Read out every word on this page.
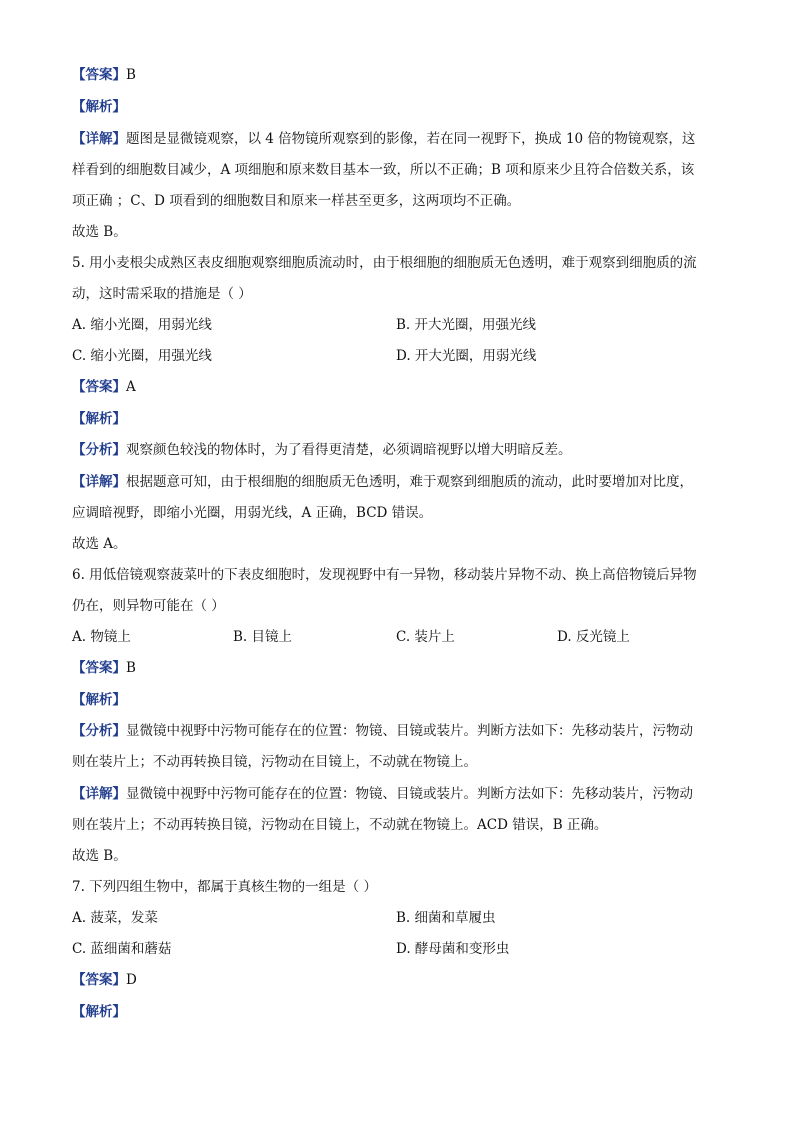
【答案】B
【解析】
【详解】题图是显微镜观察，以 4 倍物镜所观察到的影像，若在同一视野下，换成 10 倍的物镜观察，这
样看到的细胞数目减少，A 项细胞和原来数目基本一致，所以不正确；B 项和原来少且符合倍数关系，该
项正确 ；C、D 项看到的细胞数目和原来一样甚至更多，这两项均不正确。
故选 B。
5. 用小麦根尖成熟区表皮细胞观察细胞质流动时，由于根细胞的细胞质无色透明，难于观察到细胞质的流
动，这时需采取的措施是（ ）
A. 缩小光圈，用弱光线	B. 开大光圈，用强光线
C. 缩小光圈，用强光线	D. 开大光圈，用弱光线
【答案】A
【解析】
【分析】观察颜色较浅的物体时，为了看得更清楚，必须调暗视野以增大明暗反差。
【详解】根据题意可知，由于根细胞的细胞质无色透明，难于观察到细胞质的流动，此时要增加对比度，
应调暗视野，即缩小光圈，用弱光线，A 正确，BCD 错误。
故选 A。
6. 用低倍镜观察菠菜叶的下表皮细胞时，发现视野中有一异物，移动装片异物不动、换上高倍物镜后异物
仍在，则异物可能在（ ）
A. 物镜上	B. 目镜上	C. 装片上	D. 反光镜上
【答案】B
【解析】
【分析】显微镜中视野中污物可能存在的位置：物镜、目镜或装片。判断方法如下：先移动装片，污物动
则在装片上；不动再转换目镜，污物动在目镜上，不动就在物镜上。
【详解】显微镜中视野中污物可能存在的位置：物镜、目镜或装片。判断方法如下：先移动装片，污物动
则在装片上；不动再转换目镜，污物动在目镜上，不动就在物镜上。ACD 错误，B 正确。
故选 B。
7. 下列四组生物中，都属于真核生物的一组是（ ）
A. 菠菜，发菜	B. 细菌和草履虫
C. 蓝细菌和蘑菇	D. 酵母菌和变形虫
【答案】D
【解析】
